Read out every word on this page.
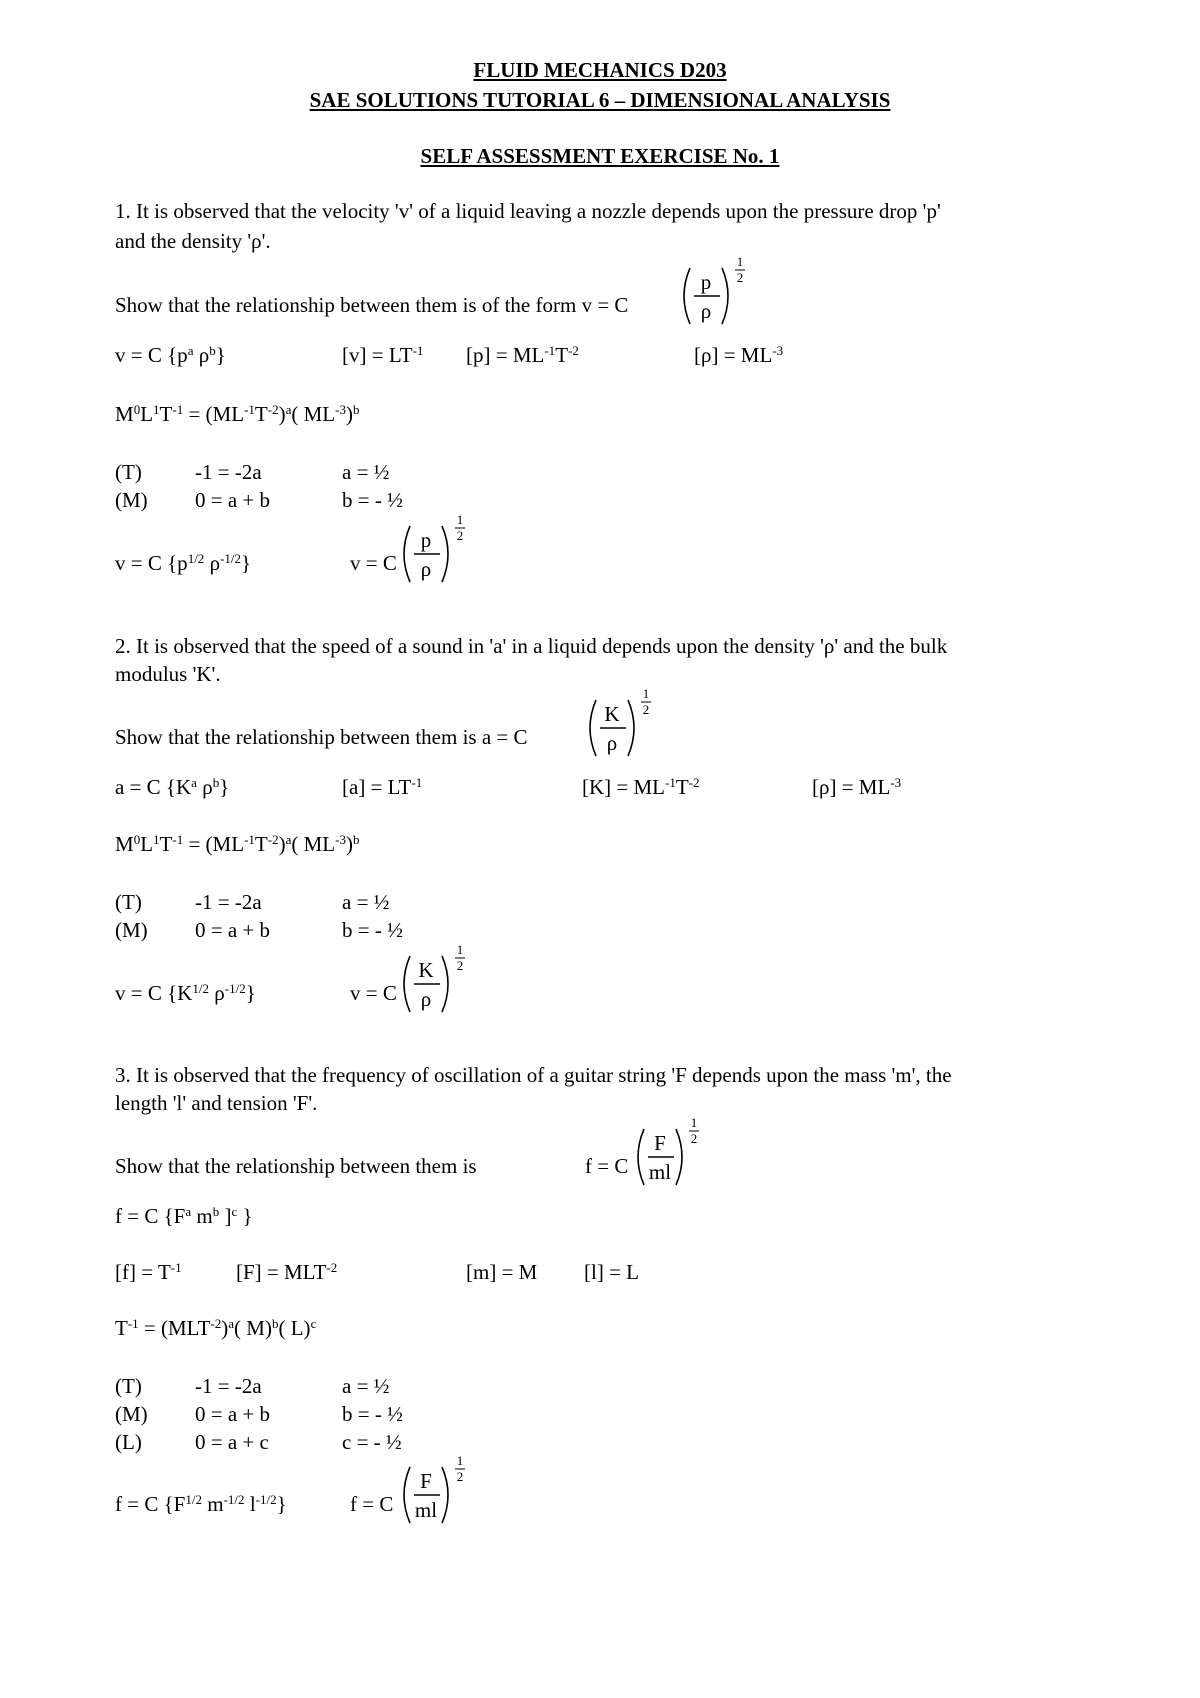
FLUID MECHANICS D203
SAE SOLUTIONS TUTORIAL 6 – DIMENSIONAL ANALYSIS
SELF ASSESSMENT EXERCISE No. 1
1. It is observed that the velocity 'v' of a liquid leaving a nozzle depends upon the pressure drop 'p'
and the density 'ρ'.
Show that the relationship between them is of the form v = C
p
ρ
1
2
v = C {$p^a$ $\rho^b$}	$[v] = LT^{-1}$ $[p] = ML^{-1}T^{-2}$	$[\rho] = ML^{-3}$
$M^0L^1T^{-1} = (ML^{-1}T^{-2})^a$( $ML^{-3})^b$
(T)	-1 = -2a	a = ½
(M) 0 = a + b	b = - ½
v = C {$p^{1/2}$ $\rho^{-1/2}$}	v = C
p
ρ
1
2
2. It is observed that the speed of a sound in 'a' in a liquid depends upon the density 'ρ' and the bulk
modulus 'K'.
Show that the relationship between them is a = C
K
ρ
1
2
a = C {$K^a$ $\rho^b$}	$[a] = LT^{-1}$	$[K] = ML^{-1}T^{-2}$	$[\rho] = ML^{-3}$
$M^0L^1T^{-1} = (ML^{-1}T^{-2})^a$( $ML^{-3})^b$
(T)	-1 = -2a	a = ½
(M) 0 = a + b	b = - ½
v = C {$K^{1/2}$ $\rho^{-1/2}$}	v = C
K
ρ
1
2
3. It is observed that the frequency of oscillation of a guitar string 'F depends upon the mass 'm', the
length 'l' and tension 'F'.
Show that the relationship between them is	f = C
F
ml
1
2
f = C {$F^a$ $m^b$ ]$^c$ }
$[f] = T^{-1}$	$[F] = MLT^{-2}$	[m] = M [l] = L
$T^{-1} = (MLT^{-2})^a$( M)$^b$( L)$^c$
(T)	-1 = -2a	a = ½
(M) 0 = a + b	b = - ½
(L)	0 = a + c	c = - ½
f = C {$F^{1/2}$ $m^{-1/2}$ $l^{-1/2}$}	f = C
F
ml
1
2
